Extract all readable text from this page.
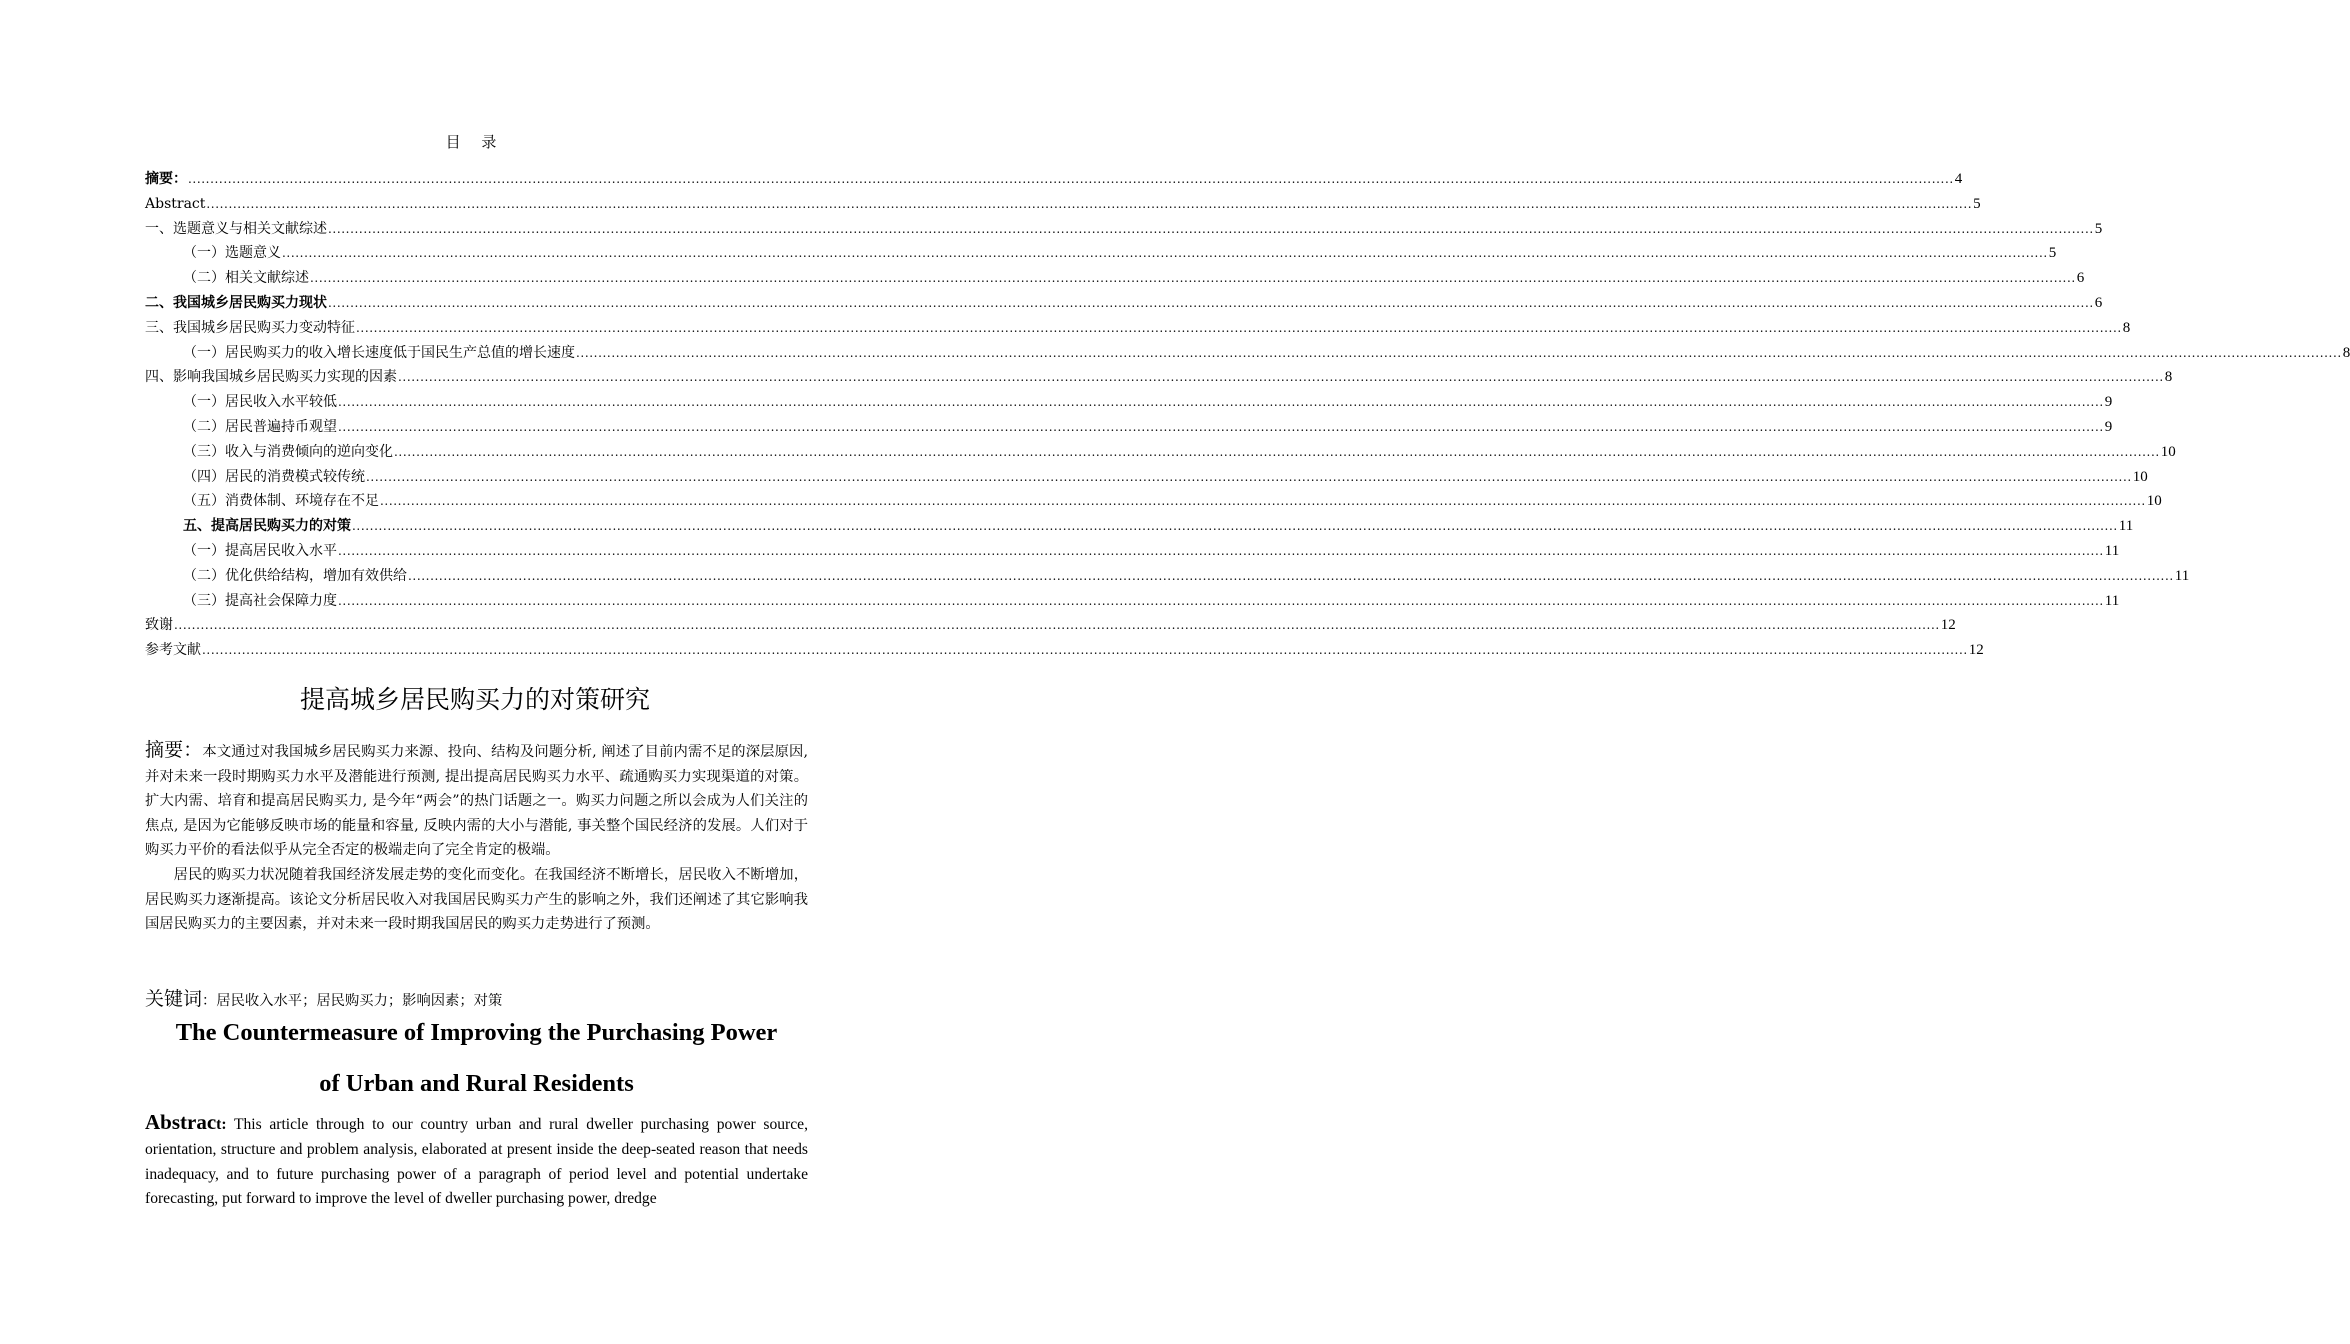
目 录
摘要： ................................................................................................................................................................................................................................................................................................................................................................................................................ 4
Abstract ................................................................................................................................................................................................................................................................................................................................................................................................................ 5
一、选题意义与相关文献综述 ................................................................................................................................................................................................................................................................................................................................................................................................................ 5
（一）选题意义 ................................................................................................................................................................................................................................................................................................................................................................................................................ 5
（二）相关文献综述 ................................................................................................................................................................................................................................................................................................................................................................................................................ 6
二、我国城乡居民购买力现状 ................................................................................................................................................................................................................................................................................................................................................................................................................ 6
三、我国城乡居民购买力变动特征 ................................................................................................................................................................................................................................................................................................................................................................................................................ 8
（一）居民购买力的收入增长速度低于国民生产总值的增长速度 ................................................................................................................................................................................................................................................................................................................................................................................................................ 8
四、影响我国城乡居民购买力实现的因素 ................................................................................................................................................................................................................................................................................................................................................................................................................ 8
（一）居民收入水平较低 ................................................................................................................................................................................................................................................................................................................................................................................................................ 9
（二）居民普遍持币观望 ................................................................................................................................................................................................................................................................................................................................................................................................................ 9
（三）收入与消费倾向的逆向变化 ................................................................................................................................................................................................................................................................................................................................................................................................................ 10
（四）居民的消费模式较传统 ................................................................................................................................................................................................................................................................................................................................................................................................................ 10
（五）消费体制、环境存在不足 ................................................................................................................................................................................................................................................................................................................................................................................................................ 10
五、提高居民购买力的对策 ................................................................................................................................................................................................................................................................................................................................................................................................................ 11
（一）提高居民收入水平 ................................................................................................................................................................................................................................................................................................................................................................................................................ 11
（二）优化供给结构，增加有效供给 ................................................................................................................................................................................................................................................................................................................................................................................................................ 11
（三）提高社会保障力度 ................................................................................................................................................................................................................................................................................................................................................................................................................ 11
致谢 ................................................................................................................................................................................................................................................................................................................................................................................................................ 12
参考文献 ................................................................................................................................................................................................................................................................................................................................................................................................................ 12
提高城乡居民购买力的对策研究

摘要：本文通过对我国城乡居民购买力来源、投向、结构及问题分析, 阐述了目前内需不足的深层原因, 并对未来一段时期购买力水平及潜能进行预测, 提出提高居民购买力水平、疏通购买力实现渠道的对策。扩大内需、培育和提高居民购买力, 是今年“两会”的热门话题之一。购买力问题之所以会成为人们关注的焦点, 是因为它能够反映市场的能量和容量, 反映内需的大小与潜能, 事关整个国民经济的发展。人们对于购买力平价的看法似乎从完全否定的极端走向了完全肯定的极端。

居民的购买力状况随着我国经济发展走势的变化而变化。在我国经济不断增长，居民收入不断增加，居民购买力逐渐提高。该论文分析居民收入对我国居民购买力产生的影响之外，我们还阐述了其它影响我国居民购买力的主要因素，并对未来一段时期我国居民的购买力走势进行了预测。

关键词：居民收入水平；居民购买力；影响因素；对策
The Countermeasure of Improving the Purchasing Power
of Urban and Rural Residents
Abstract: This article through to our country urban and rural dweller purchasing power source, orientation, structure and problem analysis, elaborated at present inside the deep-seated reason that needs inadequacy, and to future purchasing power of a paragraph of period level and potential undertake forecasting, put forward to improve the level of dweller purchasing power, dredge
